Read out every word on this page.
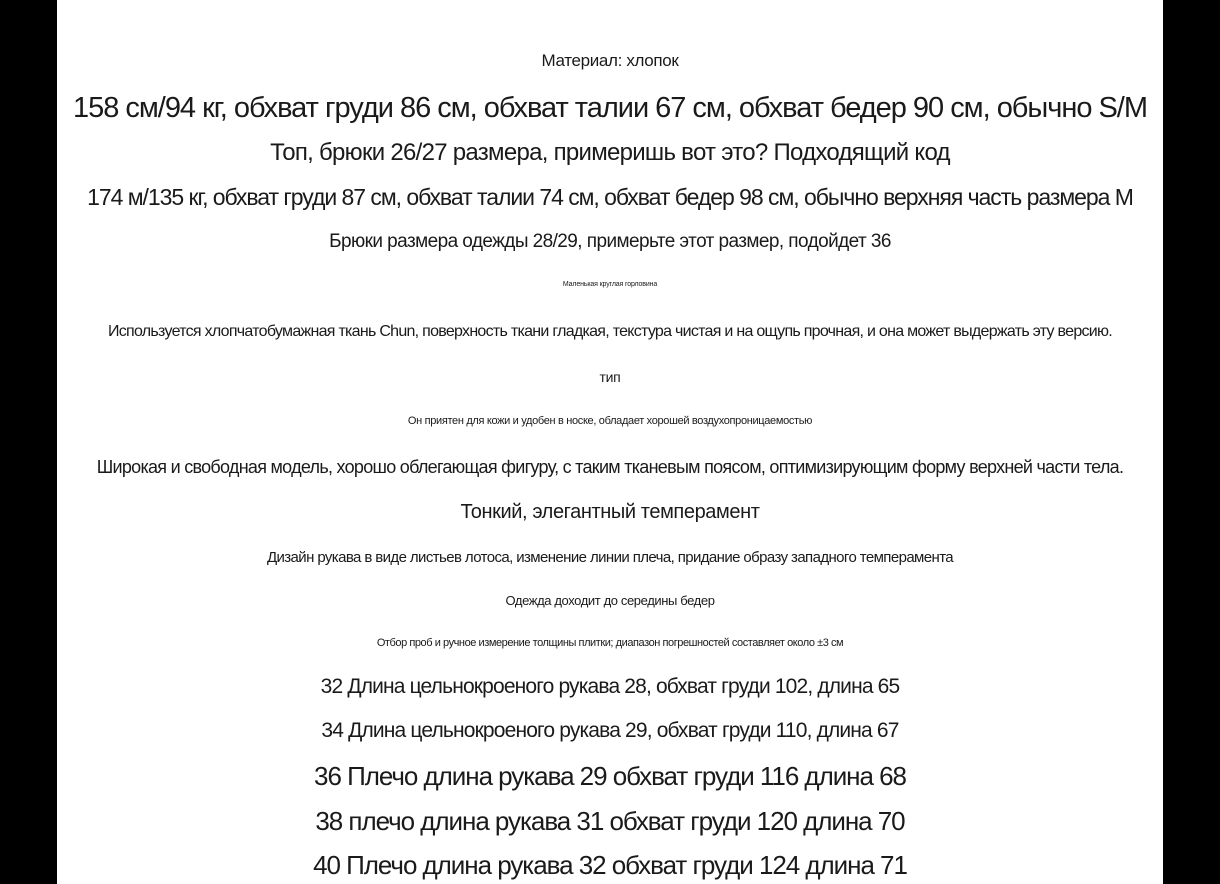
Материал: хлопок
158 см/94 кг, обхват груди 86 см, обхват талии 67 см, обхват бедер 90 см, обычно S/M
Топ, брюки 26/27 размера, примеришь вот это? Подходящий код
174 м/135 кг, обхват груди 87 см, обхват талии 74 см, обхват бедер 98 см, обычно верхняя часть размера M
Брюки размера одежды 28/29, примерьте этот размер, подойдет 36
Маленькая круглая горловина
Используется хлопчатобумажная ткань Chun, поверхность ткани гладкая, текстура чистая и на ощупь прочная, и она может выдержать эту версию.
тип
Он приятен для кожи и удобен в носке, обладает хорошей воздухопроницаемостью
Широкая и свободная модель, хорошо облегающая фигуру, с таким тканевым поясом, оптимизирующим форму верхней части тела.
Тонкий, элегантный темперамент
Дизайн рукава в виде листьев лотоса, изменение линии плеча, придание образу западного темперамента
Одежда доходит до середины бедер
Отбор проб и ручное измерение толщины плитки; диапазон погрешностей составляет около ±3 см
32 Длина цельнокроеного рукава 28, обхват груди 102, длина 65
34 Длина цельнокроеного рукава 29, обхват груди 110, длина 67
36 Плечо длина рукава 29 обхват груди 116 длина 68
38 плечо длина рукава 31 обхват груди 120 длина 70
40 Плечо длина рукава 32 обхват груди 124 длина 71
